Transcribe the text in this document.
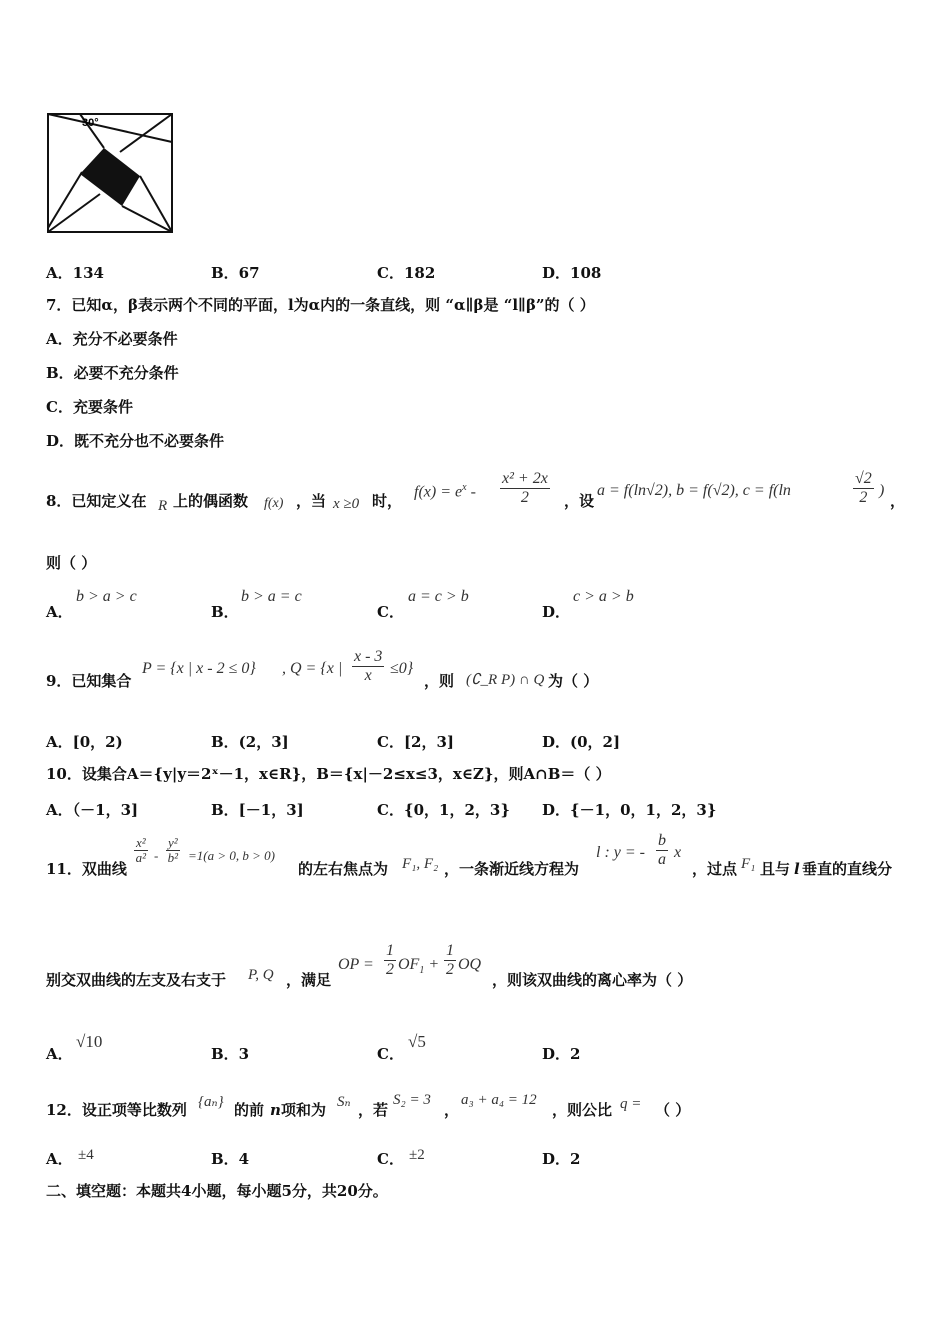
30°
A．134	B．67	C．182	D．108
7．已知α，β表示两个不同的平面，l为α内的一条直线，则 “α∥β是 “l∥β”的（ ）
A．充分不必要条件
B．必要不充分条件
C．充要条件
D．既不充分也不必要条件
8．已知定义在 R 上的偶函数 f(x) ，当 x ≥0 时，
$f(x) = e^x - \frac{\text{x² + 2x}}{2}$ ，设
a = f(ln√2), b = f(√2), c = f(ln	$\frac{√2}{2}$ )
，
则（ ）
A．
b > a > c
B．
b > a = c
C．
a = c > b
D．
c > a > b
9．已知集合
P = {x | x - 2 ≤ 0} , Q = {x | $\frac{x - 3}{x} \le 0$}
，则 (∁_R P) ∩ Q 为（ ）
A．[0，2)	B．(2，3]	C．[2，3]	D．(0，2]
10．设集合A＝{y|y＝2ˣ－1，x∈R}，B＝{x|－2≤x≤3，x∈Z}，则A∩B＝（ ）
A．（－1，3]	B．[－1，3]	C．{0，1，2，3} D．{－1，0，1，2，3}
11．双曲线
$\frac{\text{x²}}{\text{a²}} - \frac{\text{y²}}{\text{b²}} =1(a > 0$, b > 0)
的左右焦点为 F₁, F₂ ，一条渐近线方程为
l : y = - $\frac{b}{a}$ x
，过点 F₁ 且与 l 垂直的直线分
别交双曲线的左支及右支于 P, Q ，满足
OP = $\frac{1}{2} OF_1 + \frac{1}{2}$ OQ
，则该双曲线的离心率为（ ）
A．
√10
B．3	C．
√5
D．2
12．设正项等比数列 {aₙ} 的前 n 项和为 Sₙ ，若
S₂ = 3
，
a₃ + a₄ = 12
，则公比 q = （ ）
A． ±4	B．4	C． ±2	D．2
二、填空题：本题共4小题，每小题5分，共20分。
